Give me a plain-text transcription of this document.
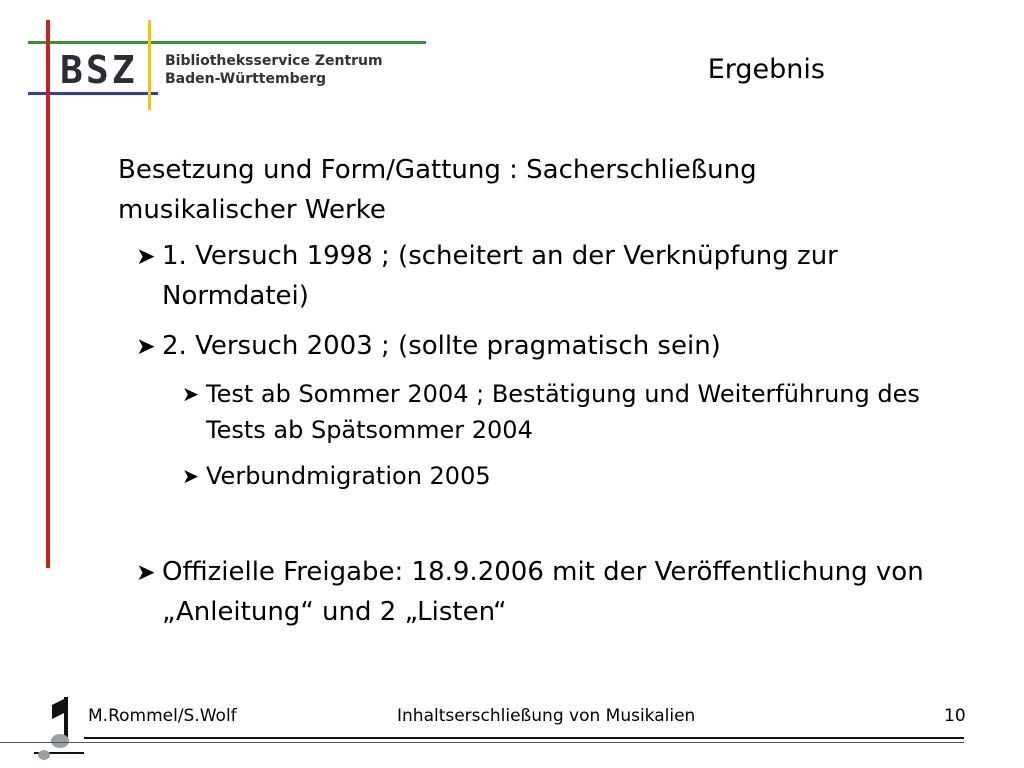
BSZ Bibliotheksservice Zentrum
Baden-Württemberg	Ergebnis
Besetzung und Form/Gattung : Sacherschließung musikalischer Werke
➤ 1. Versuch 1998 ; (scheitert an der Verknüpfung zur Normdatei)
➤ 2. Versuch 2003 ; (sollte pragmatisch sein)
➤ Test ab Sommer 2004 ; Bestätigung und Weiterführung des Tests ab Spätsommer 2004
➤ Verbundmigration 2005
➤ Offizielle Freigabe: 18.9.2006 mit der Veröffentlichung von „Anleitung“ und 2 „Listen“
M.Rommel/S.Wolf	Inhaltserschließung von Musikalien	10
